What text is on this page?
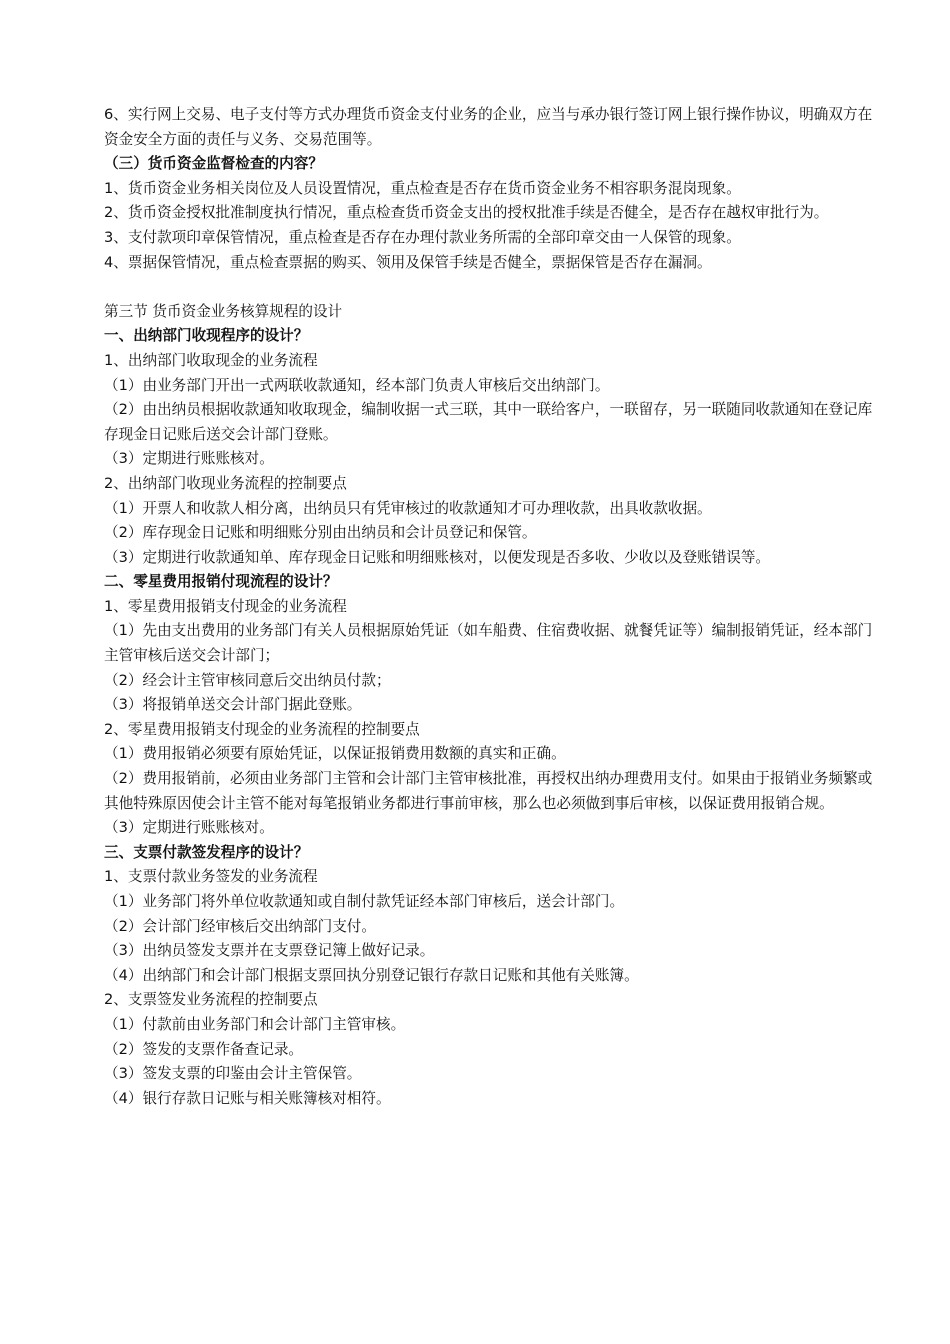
6、实行网上交易、电子支付等方式办理货币资金支付业务的企业，应当与承办银行签订网上银行操作协议，明确双方在资金安全方面的责任与义务、交易范围等。

（三）货币资金监督检查的内容？

1、货币资金业务相关岗位及人员设置情况，重点检查是否存在货币资金业务不相容职务混岗现象。

2、货币资金授权批准制度执行情况，重点检查货币资金支出的授权批准手续是否健全，是否存在越权审批行为。

3、支付款项印章保管情况，重点检查是否存在办理付款业务所需的全部印章交由一人保管的现象。

4、票据保管情况，重点检查票据的购买、领用及保管手续是否健全，票据保管是否存在漏洞。

第三节 货币资金业务核算规程的设计

一、出纳部门收现程序的设计？

1、出纳部门收取现金的业务流程

（1）由业务部门开出一式两联收款通知，经本部门负责人审核后交出纳部门。

（2）由出纳员根据收款通知收取现金，编制收据一式三联，其中一联给客户，一联留存，另一联随同收款通知在登记库存现金日记账后送交会计部门登账。

（3）定期进行账账核对。

2、出纳部门收现业务流程的控制要点

（1）开票人和收款人相分离，出纳员只有凭审核过的收款通知才可办理收款，出具收款收据。

（2）库存现金日记账和明细账分别由出纳员和会计员登记和保管。

（3）定期进行收款通知单、库存现金日记账和明细账核对，以便发现是否多收、少收以及登账错误等。

二、零星费用报销付现流程的设计？

1、零星费用报销支付现金的业务流程

（1）先由支出费用的业务部门有关人员根据原始凭证（如车船费、住宿费收据、就餐凭证等）编制报销凭证，经本部门主管审核后送交会计部门；

（2）经会计主管审核同意后交出纳员付款；

（3）将报销单送交会计部门据此登账。

2、零星费用报销支付现金的业务流程的控制要点

（1）费用报销必须要有原始凭证，以保证报销费用数额的真实和正确。

（2）费用报销前，必须由业务部门主管和会计部门主管审核批准，再授权出纳办理费用支付。如果由于报销业务频繁或其他特殊原因使会计主管不能对每笔报销业务都进行事前审核，那么也必须做到事后审核，以保证费用报销合规。

（3）定期进行账账核对。

三、支票付款签发程序的设计？

1、支票付款业务签发的业务流程

（1）业务部门将外单位收款通知或自制付款凭证经本部门审核后，送会计部门。

（2）会计部门经审核后交出纳部门支付。

（3）出纳员签发支票并在支票登记簿上做好记录。

（4）出纳部门和会计部门根据支票回执分别登记银行存款日记账和其他有关账簿。

2、支票签发业务流程的控制要点

（1）付款前由业务部门和会计部门主管审核。

（2）签发的支票作备查记录。

（3）签发支票的印鉴由会计主管保管。

（4）银行存款日记账与相关账簿核对相符。
